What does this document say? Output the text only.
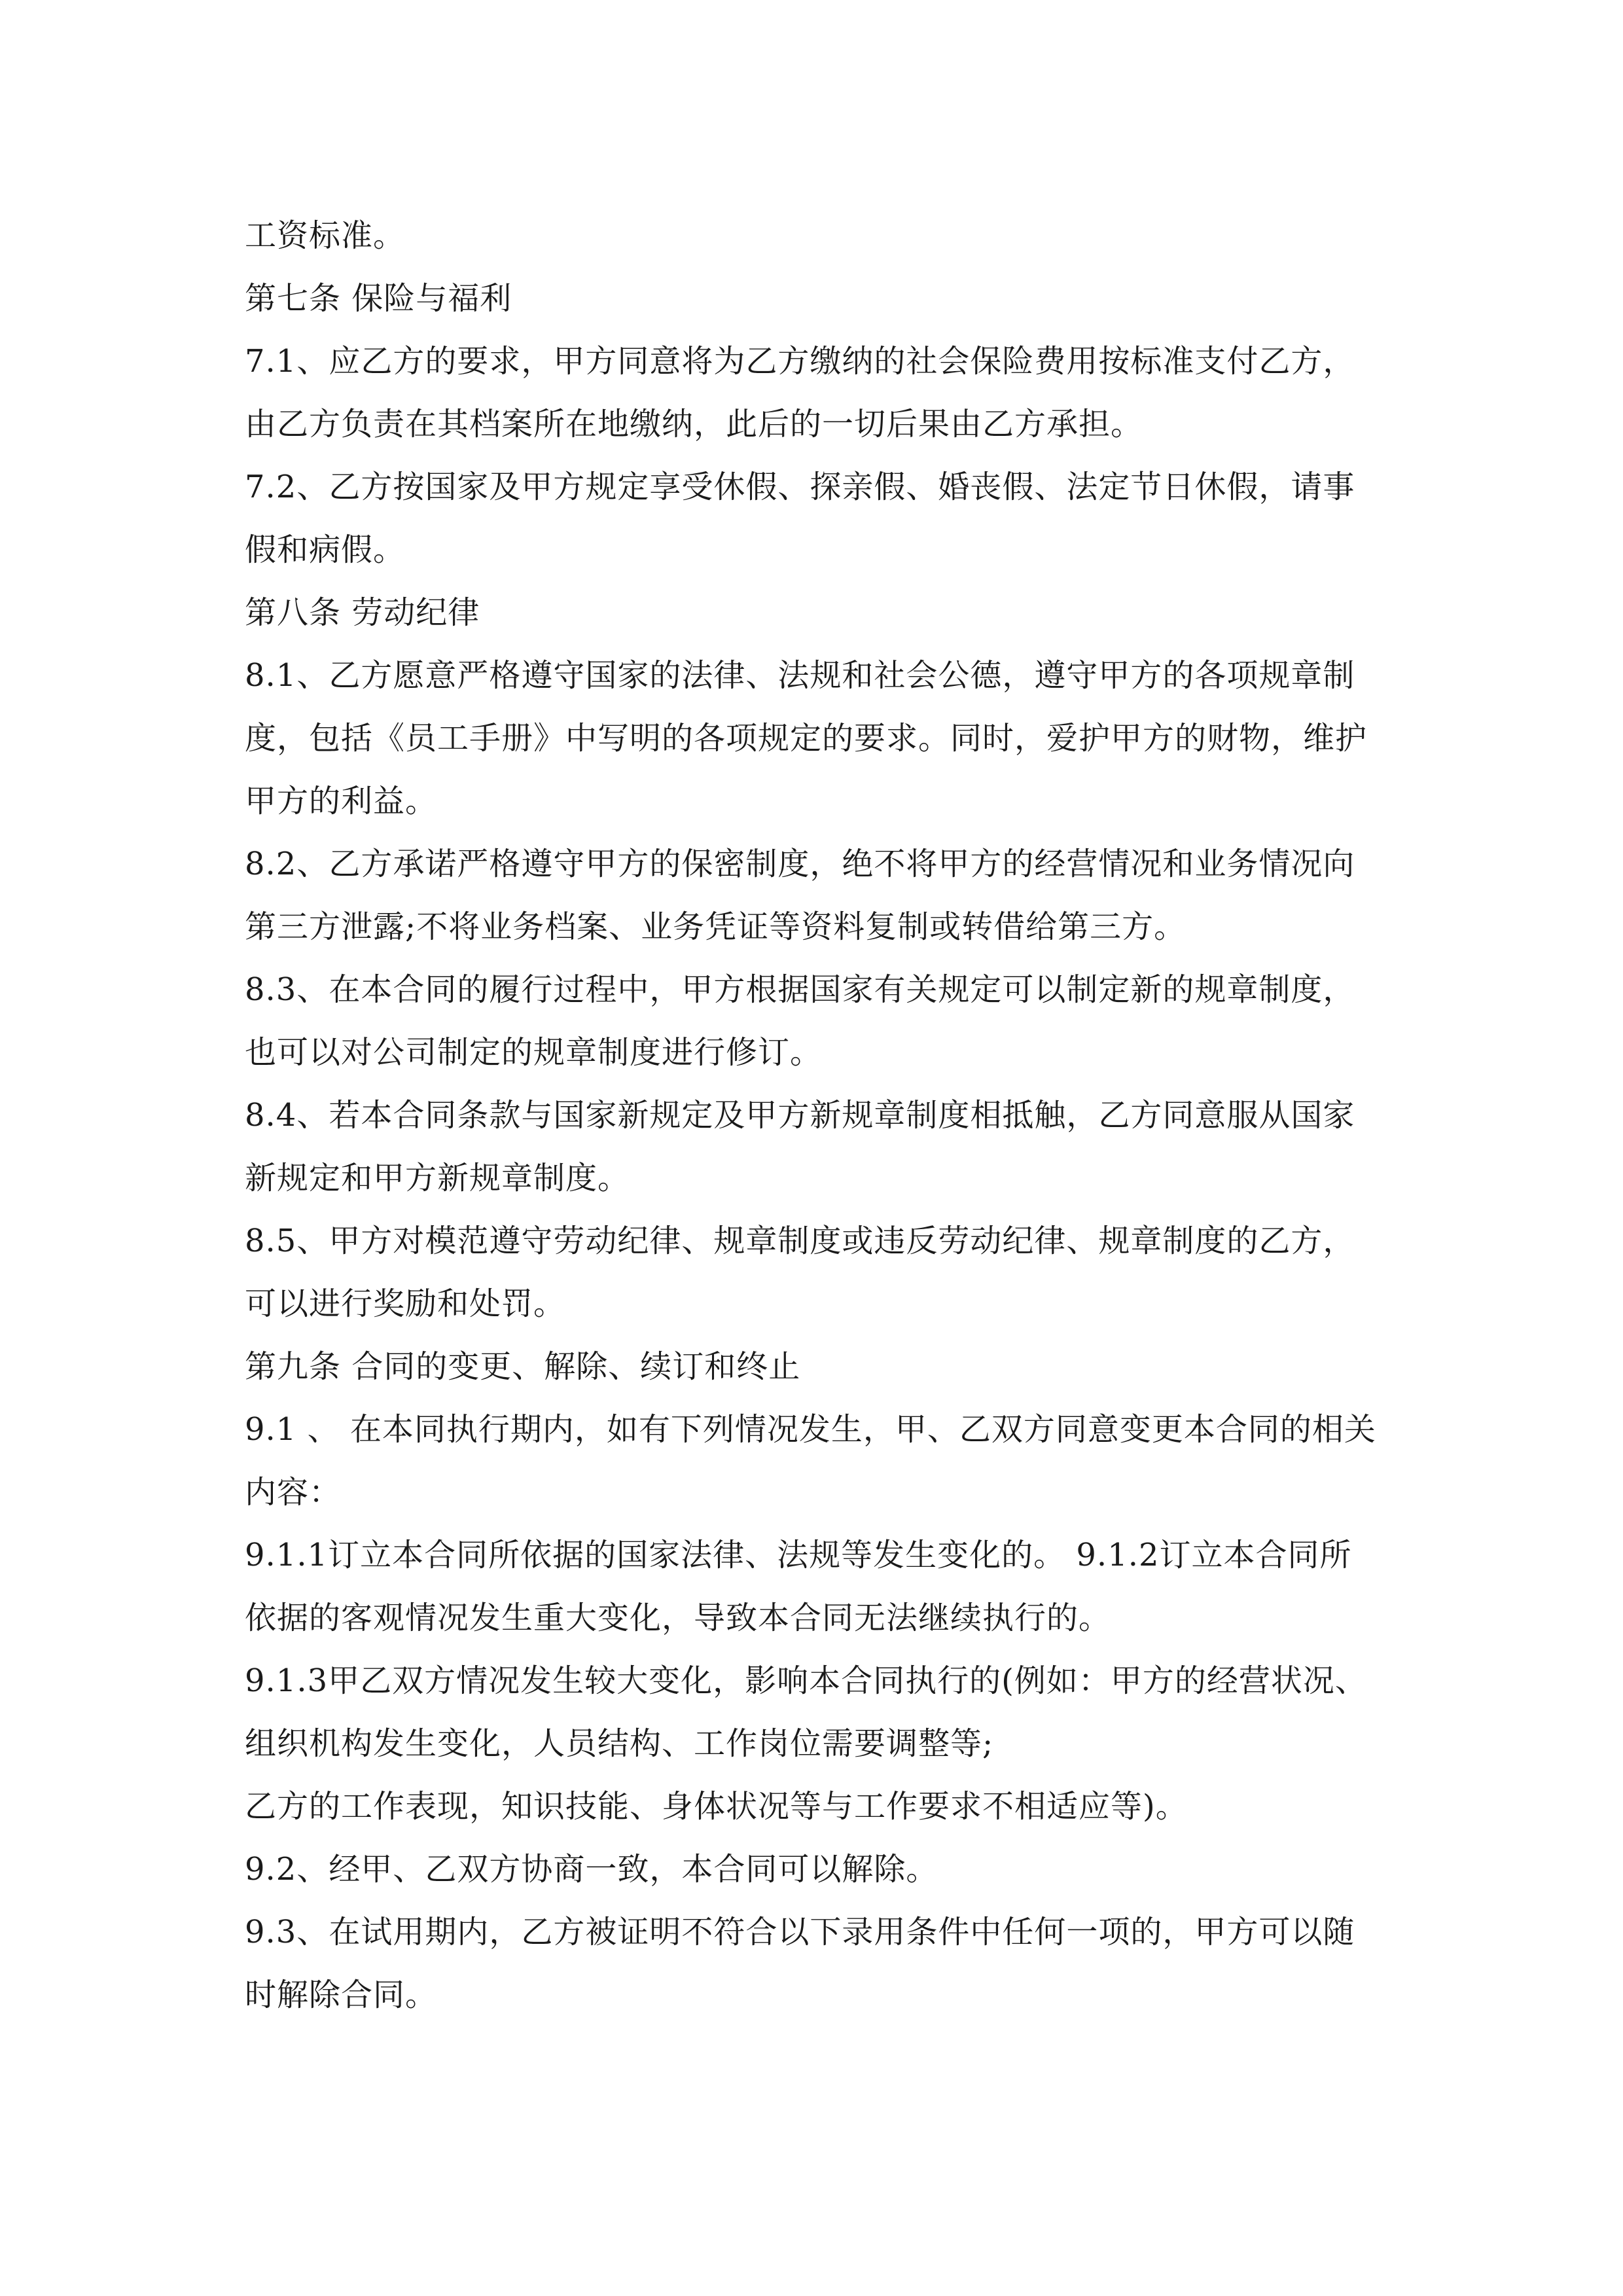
工资标准。

第七条 保险与福利

7.1、应乙方的要求，甲方同意将为乙方缴纳的社会保险费用按标准支付乙方，由乙方负责在其档案所在地缴纳，此后的一切后果由乙方承担。

7.2、乙方按国家及甲方规定享受休假、探亲假、婚丧假、法定节日休假，请事假和病假。

第八条 劳动纪律

8.1、乙方愿意严格遵守国家的法律、法规和社会公德，遵守甲方的各项规章制度，包括《员工手册》中写明的各项规定的要求。同时，爱护甲方的财物，维护甲方的利益。

8.2、乙方承诺严格遵守甲方的保密制度，绝不将甲方的经营情况和业务情况向第三方泄露;不将业务档案、业务凭证等资料复制或转借给第三方。

8.3、在本合同的履行过程中，甲方根据国家有关规定可以制定新的规章制度，也可以对公司制定的规章制度进行修订。

8.4、若本合同条款与国家新规定及甲方新规章制度相抵触，乙方同意服从国家新规定和甲方新规章制度。

8.5、甲方对模范遵守劳动纪律、规章制度或违反劳动纪律、规章制度的乙方，可以进行奖励和处罚。

第九条 合同的变更、解除、续订和终止

9.1 、 在本同执行期内，如有下列情况发生，甲、乙双方同意变更本合同的相关内容：

9.1.1订立本合同所依据的国家法律、法规等发生变化的。 9.1.2订立本合同所依据的客观情况发生重大变化，导致本合同无法继续执行的。

9.1.3甲乙双方情况发生较大变化，影响本合同执行的(例如：甲方的经营状况、组织机构发生变化，人员结构、工作岗位需要调整等;

乙方的工作表现，知识技能、身体状况等与工作要求不相适应等)。

9.2、经甲、乙双方协商一致，本合同可以解除。

9.3、在试用期内，乙方被证明不符合以下录用条件中任何一项的，甲方可以随时解除合同。
